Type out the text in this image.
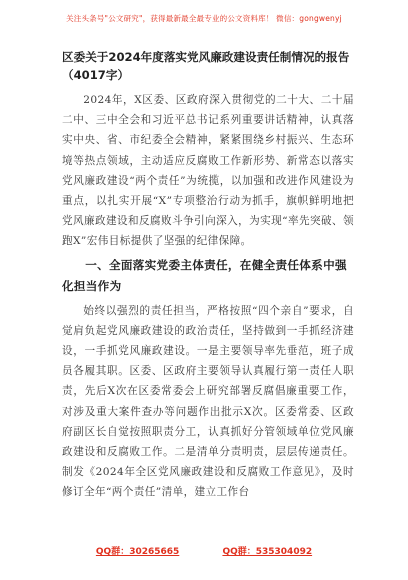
关注头条号"公文研究"，获得最新最全最专业的公文资料库！ 微信：gongwenyj

区委关于2024年度落实党风廉政建设责任制情况的报告

（4017字）

2024年，X区委、区政府深入贯彻党的二十大、二十届二中、三中全会和习近平总书记系列重要讲话精神，认真落实中央、省、市纪委全会精神，紧紧围绕乡村振兴、生态环境等热点领域，主动适应反腐败工作新形势、新常态以落实党风廉政建设“两个责任”为统揽，以加强和改进作风建设为重点，以扎实开展“X”专项整治行动为抓手，旗帜鲜明地把党风廉政建设和反腐败斗争引向深入，为实现“率先突破、领跑X”宏伟目标提供了坚强的纪律保障。

一、全面落实党委主体责任，在健全责任体系中强化担当作为

始终以强烈的责任担当，严格按照“四个亲自”要求，自觉肩负起党风廉政建设的政治责任，坚持做到一手抓经济建设，一手抓党风廉政建设。一是主要领导率先垂范，班子成员各履其职。区委、区政府主要领导认真履行第一责任人职责，先后X次在区委常委会上研究部署反腐倡廉重要工作，对涉及重大案件查办等问题作出批示X次。区委常委、区政府副区长自觉按照职责分工，认真抓好分管领域单位党风廉政建设和反腐败工作。二是清单分责明责，层层传递责任。制发《2024年全区党风廉政建设和反腐败工作意见》，及时修订全年“两个责任”清单，建立工作台

QQ群：30265665	QQ群：535304092
